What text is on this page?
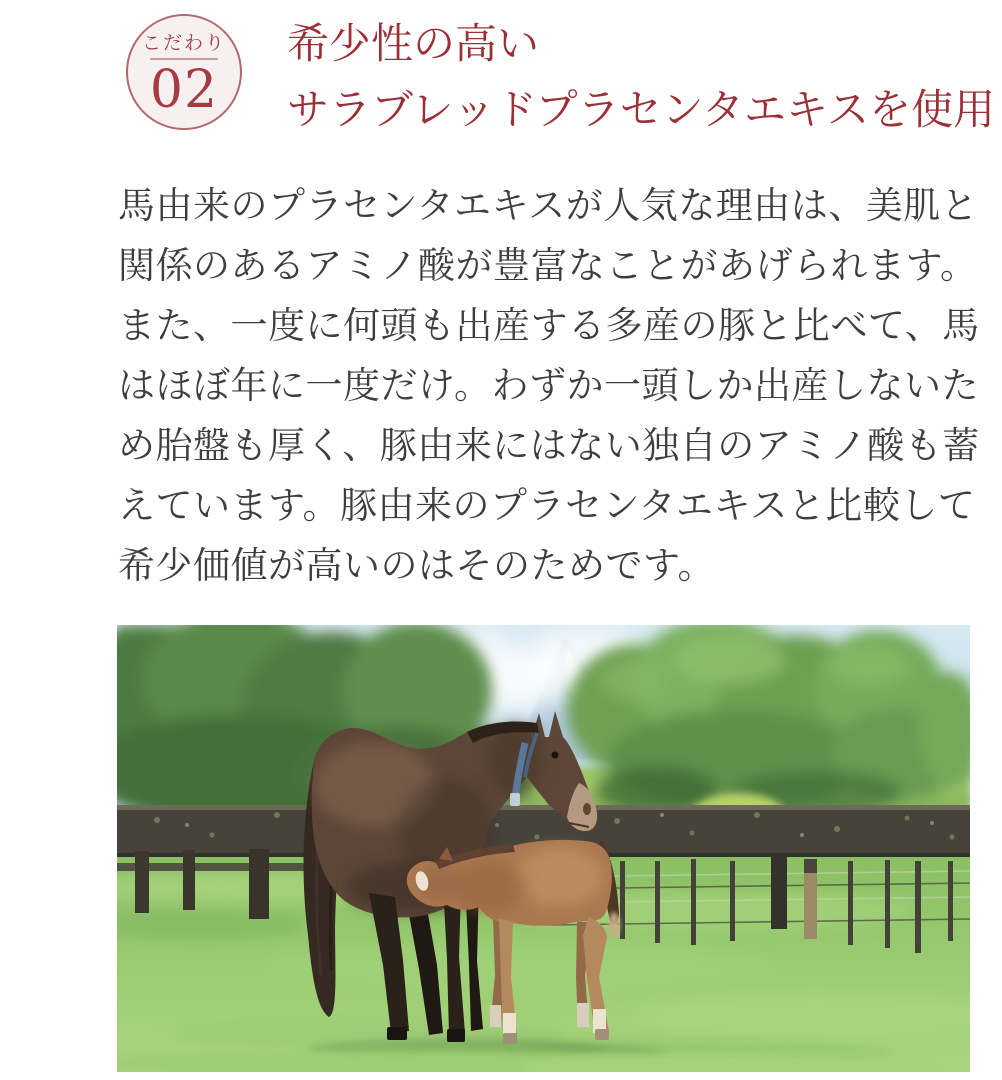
こだわり
02
希少性の高い
サラブレッドプラセンタエキスを使用
馬由来のプラセンタエキスが人気な理由は、美肌と
関係のあるアミノ酸が豊富なことがあげられます。
また、一度に何頭も出産する多産の豚と比べて、馬
はほぼ年に一度だけ。わずか一頭しか出産しないた
め胎盤も厚く、豚由来にはない独自のアミノ酸も蓄
えています。豚由来のプラセンタエキスと比較して
希少価値が高いのはそのためです。
